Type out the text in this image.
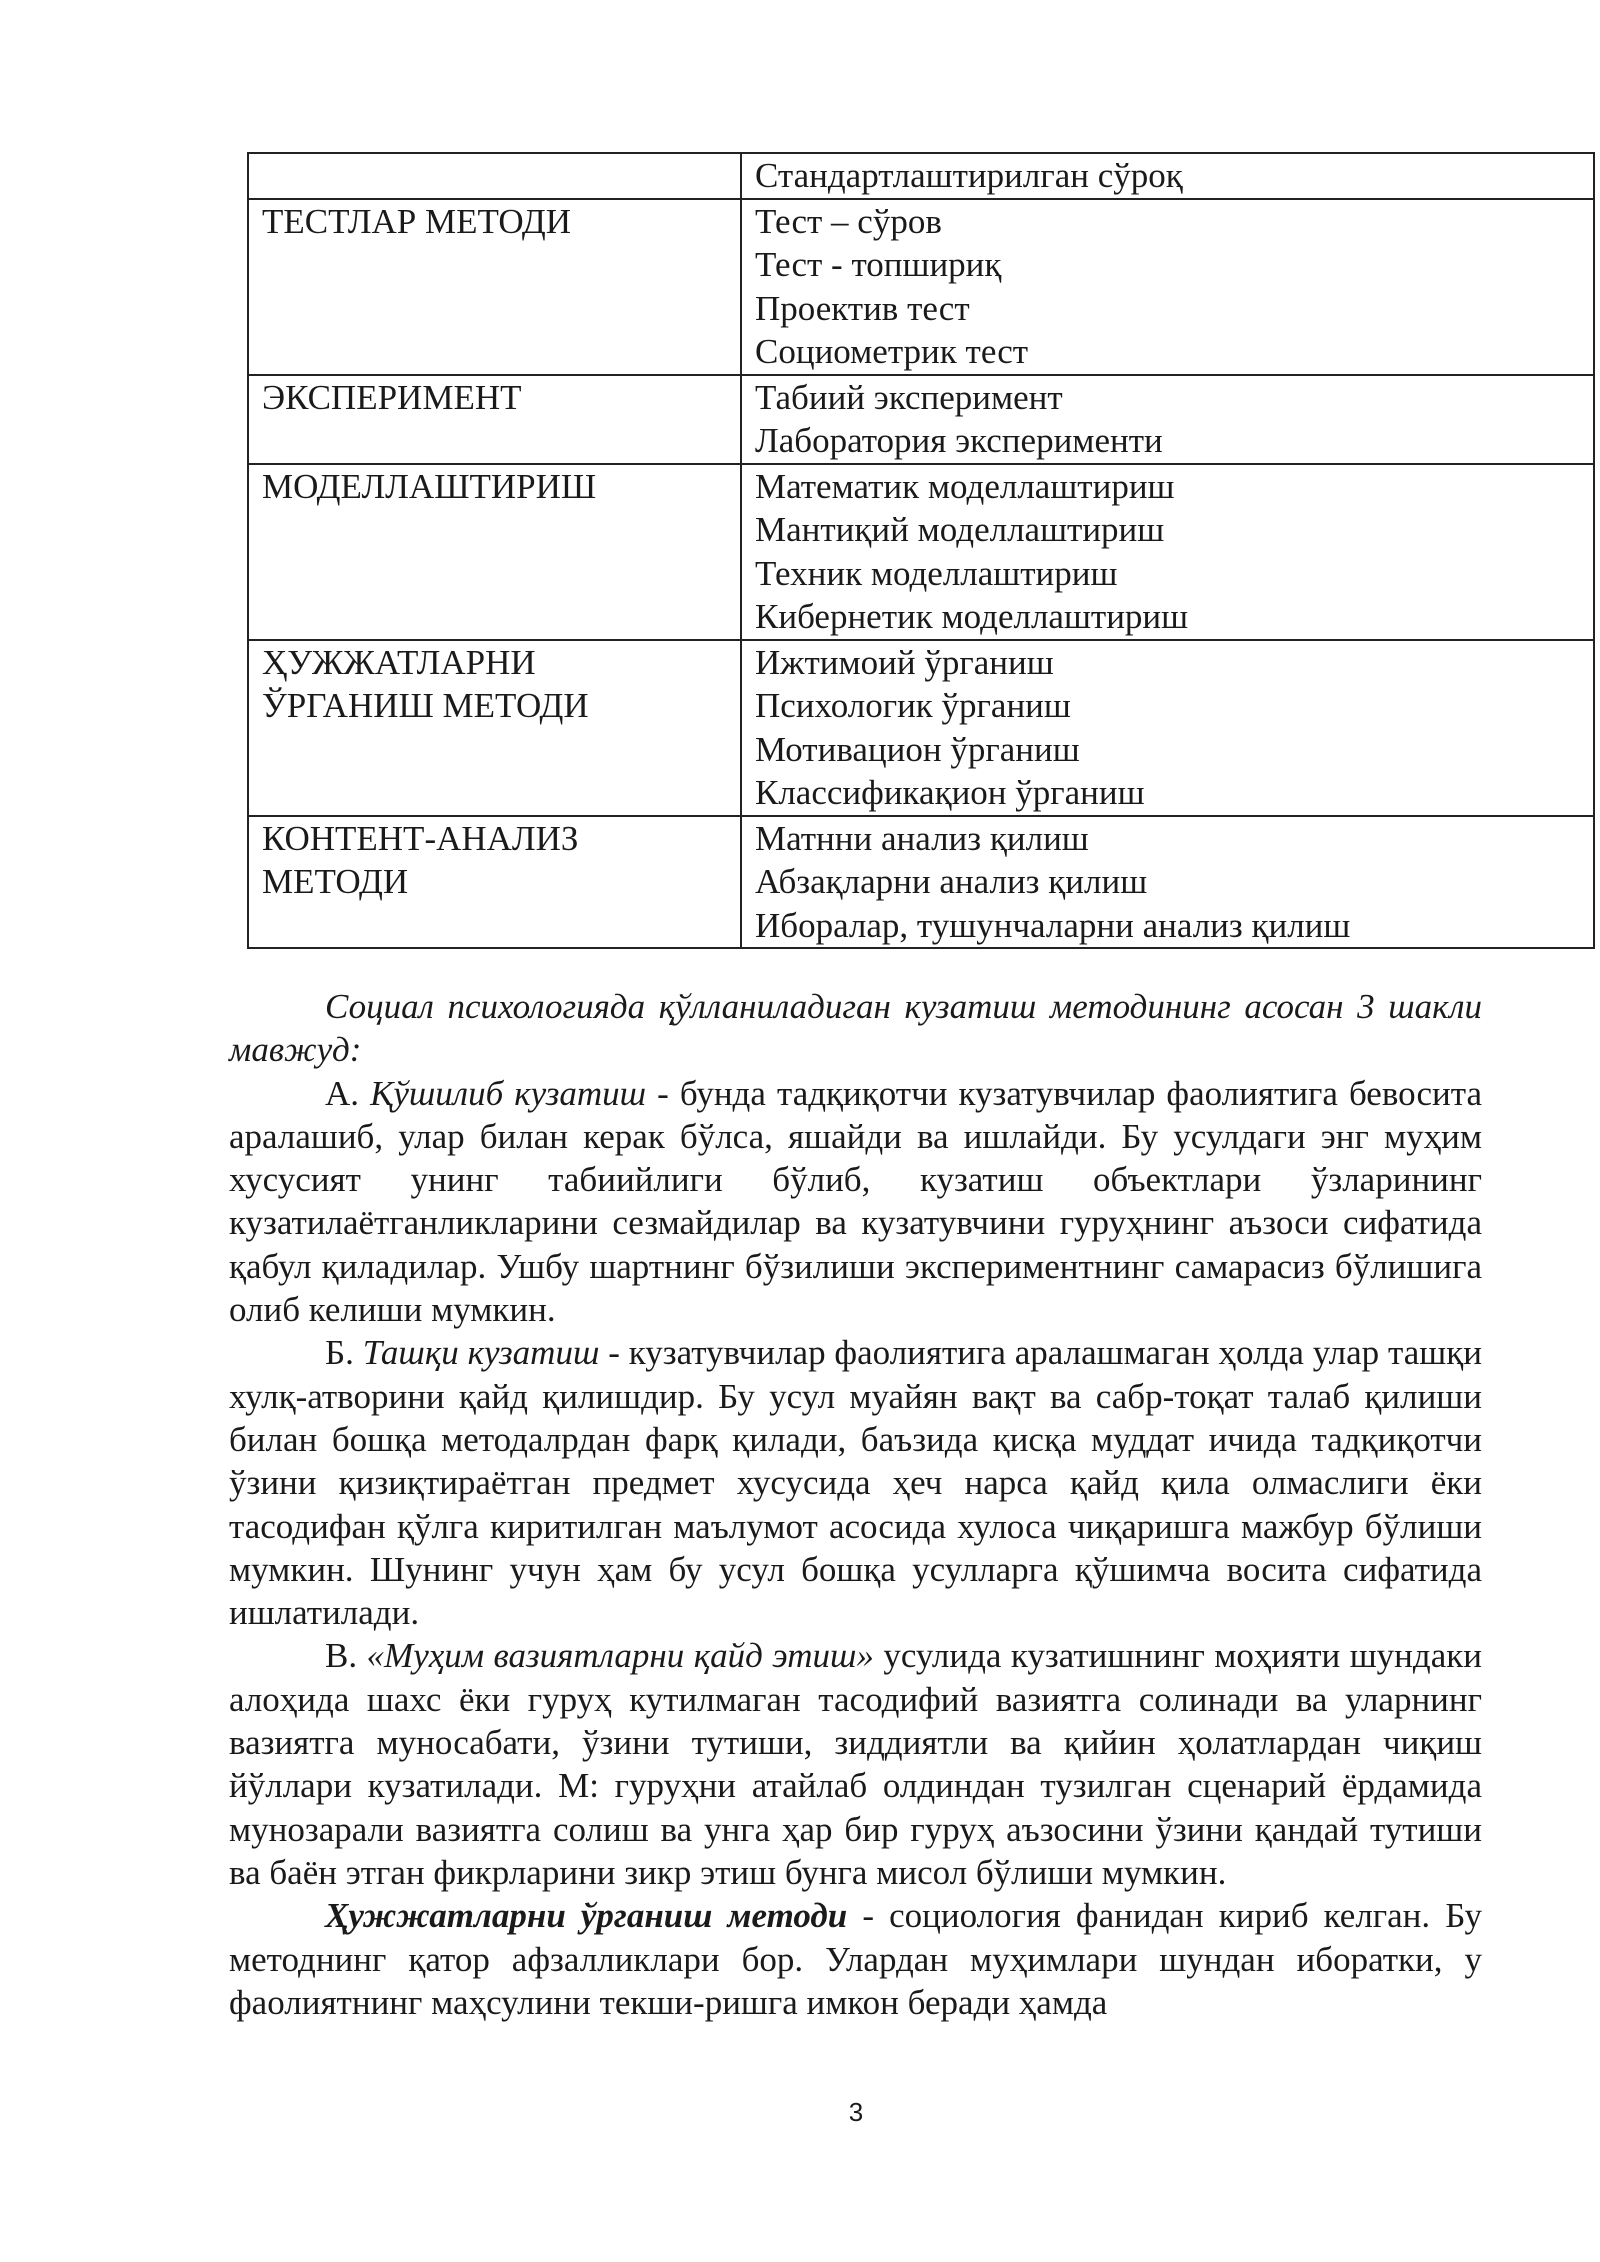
	Стандартлаштирилган сўроқ

ТЕСТЛАР МЕТОДИ	Тест – сўров
Тест - топшириқ
Проектив тест
Социометрик тест

ЭКСПЕРИМЕНТ	Табиий эксперимент
Лаборатория эксперименти

МОДЕЛЛАШТИРИШ	Математик моделлаштириш
Мантиқий моделлаштириш
Техник моделлаштириш
Кибернетик моделлаштириш

ҲУЖЖАТЛАРНИ
ЎРГАНИШ МЕТОДИ	Ижтимоий ўрганиш
Психологик ўрганиш
Мотивацион ўрганиш
Классификақион ўрганиш

КОНТЕНТ-АНАЛИЗ
МЕТОДИ	Матнни анализ қилиш
Абзақларни анализ қилиш
Иборалар, тушунчаларни анализ қилиш

Социал психологияда қўлланиладиган кузатиш методининг асосан 3 шакли мавжуд:

А. Қўшилиб кузатиш - бунда тадқиқотчи кузатувчилар фаолиятига бевосита аралашиб, улар билан керак бўлса, яшайди ва ишлайди. Бу усулдаги энг муҳим хусусият унинг табиийлиги бўлиб, кузатиш объектлари ўзларининг кузатилаётганликларини сезмайдилар ва кузатувчини гуруҳнинг аъзоси сифатида қабул қиладилар. Ушбу шартнинг бўзилиши экспериментнинг самарасиз бўлишига олиб келиши мумкин.

Б. Ташқи кузатиш - кузатувчилар фаолиятига аралашмаган ҳолда улар ташқи хулқ-атворини қайд қилишдир. Бу усул муайян вақт ва сабр-тоқат талаб қилиши билан бошқа методалрдан фарқ қилади, баъзида қисқа муддат ичида тадқиқотчи ўзини қизиқтираётган предмет хусусида ҳеч нарса қайд қила олмаслиги ёки тасодифан қўлга киритилган маълумот асосида хулоса чиқаришга мажбур бўлиши мумкин. Шунинг учун ҳам бу усул бошқа усулларга қўшимча восита сифатида ишлатилади.

В. «Муҳим вазиятларни қайд этиш» усулида кузатишнинг моҳияти шундаки алоҳида шахс ёки гуруҳ кутилмаган тасодифий вазиятга солинади ва уларнинг вазиятга муносабати, ўзини тутиши, зиддиятли ва қийин ҳолатлардан чиқиш йўллари кузатилади. М: гуруҳни атайлаб олдиндан тузилган сценарий ёрдамида мунозарали вазиятга солиш ва унга ҳар бир гуруҳ аъзосини ўзини қандай тутиши ва баён этган фикрларини зикр этиш бунга мисол бўлиши мумкин.

Ҳужжатларни ўрганиш методи - социология фанидан кириб келган. Бу методнинг қатор афзалликлари бор. Улардан муҳимлари шундан иборатки, у фаолиятнинг маҳсулини текши-ришга имкон беради ҳамда

3
